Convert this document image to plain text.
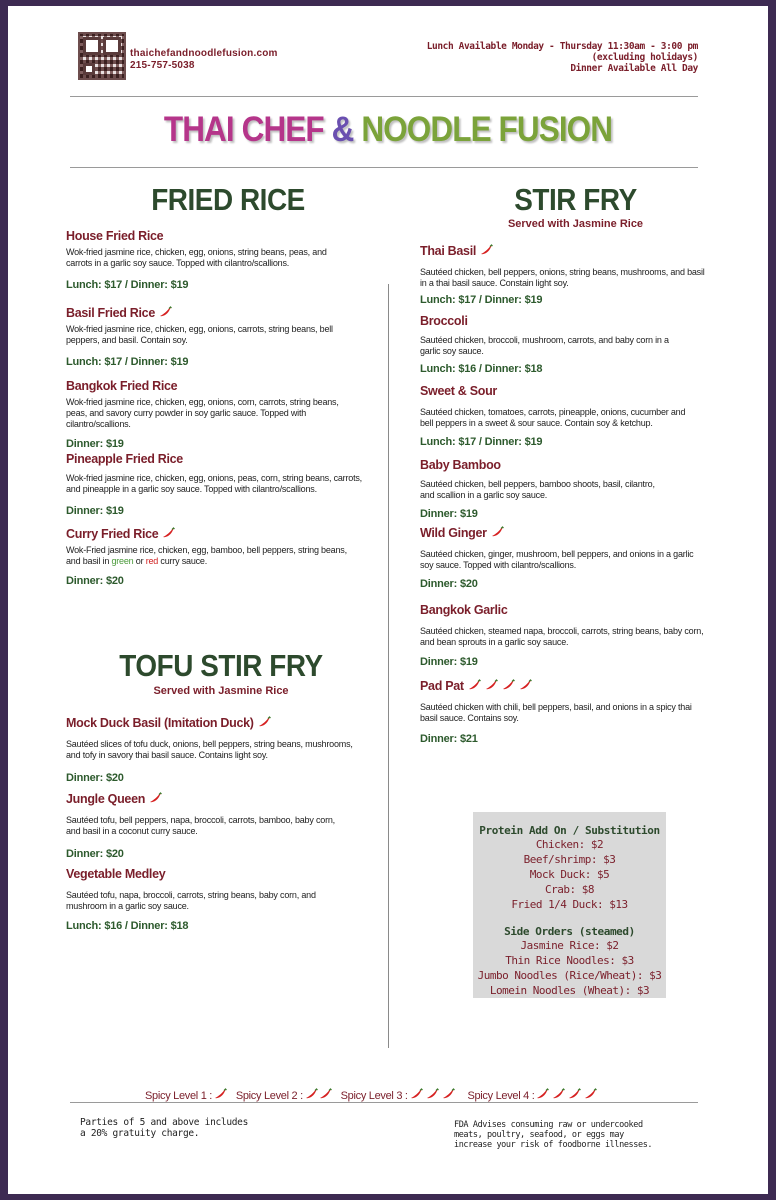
thaichefandnoodlefusion.com
215-757-5038
Lunch Available Monday - Thursday 11:30am - 3:00 pm
(excluding holidays)
Dinner Available All Day
THAI CHEF & NOODLE FUSION
FRIED RICE
House Fried Rice
Wok-fried jasmine rice, chicken, egg, onions, string beans, peas, and carrots in a garlic soy sauce. Topped with cilantro/scallions.
Lunch: $17 / Dinner: $19
Basil Fried Rice
Wok-fried jasmine rice, chicken, egg, onions, carrots, string beans, bell peppers, and basil. Contain soy.
Lunch: $17 / Dinner: $19
Bangkok Fried Rice
Wok-fried jasmine rice, chicken, egg, onions, corn, carrots, string beans, peas, and savory curry powder in soy garlic sauce. Topped with cilantro/scallions.
Dinner: $19
Pineapple Fried Rice
Wok-fried jasmine rice, chicken, egg, onions, peas, corn, string beans, carrots, and pineapple in a garlic soy sauce. Topped with cilantro/scallions.
Dinner: $19
Curry Fried Rice
Wok-Fried jasmine rice, chicken, egg, bamboo, bell peppers, string beans, and basil in green or red curry sauce.
Dinner: $20
TOFU STIR FRY
Served with Jasmine Rice
Mock Duck Basil (Imitation Duck)
Sautéed slices of tofu duck, onions, bell peppers, string beans, mushrooms, and tofy in savory thai basil sauce. Contains light soy.
Dinner: $20
Jungle Queen
Sautéed tofu, bell peppers, napa, broccoli, carrots, bamboo, baby corn, and basil in a coconut curry sauce.
Dinner: $20
Vegetable Medley
Sautéed tofu, napa, broccoli, carrots, string beans, baby corn, and mushroom in a garlic soy sauce.
Lunch: $16 / Dinner: $18
STIR FRY
Served with Jasmine Rice
Thai Basil
Sautéed chicken, bell peppers, onions, string beans, mushrooms, and basil in a thai basil sauce. Constain light soy.
Lunch: $17 / Dinner: $19
Broccoli
Sautéed chicken, broccoli, mushroom, carrots, and baby corn in a garlic soy sauce.
Lunch: $16 / Dinner: $18
Sweet & Sour
Sautéed chicken, tomatoes, carrots, pineapple, onions, cucumber and bell peppers in a sweet & sour sauce. Contain soy & ketchup.
Lunch: $17 / Dinner: $19
Baby Bamboo
Sautéed chicken, bell peppers, bamboo shoots, basil, cilantro, and scallion in a garlic soy sauce.
Dinner: $19
Wild Ginger
Sautéed chicken, ginger, mushroom, bell peppers, and onions in a garlic soy sauce. Topped with cilantro/scallions.
Dinner: $20
Bangkok Garlic
Sautéed chicken, steamed napa, broccoli, carrots, string beans, baby corn, and bean sprouts in a garlic soy sauce.
Dinner: $19
Pad Pat
Sautéed chicken with chili, bell peppers, basil, and onions in a spicy thai basil sauce. Contains soy.
Dinner: $21
Protein Add On / Substitution
Chicken: $2
Beef/shrimp: $3
Mock Duck: $5
Crab: $8
Fried 1/4 Duck: $13
Side Orders (steamed)
Jasmine Rice: $2
Thin Rice Noodles: $3
Jumbo Noodles (Rice/Wheat): $3
Lomein Noodles (Wheat): $3
Spicy Level 1 : Spicy Level 2 :	Spicy Level 3 :	Spicy Level 4 :
Parties of 5 and above includes
a 20% gratuity charge.
FDA Advises consuming raw or undercooked
meats, poultry, seafood, or eggs may
increase your risk of foodborne illnesses.
